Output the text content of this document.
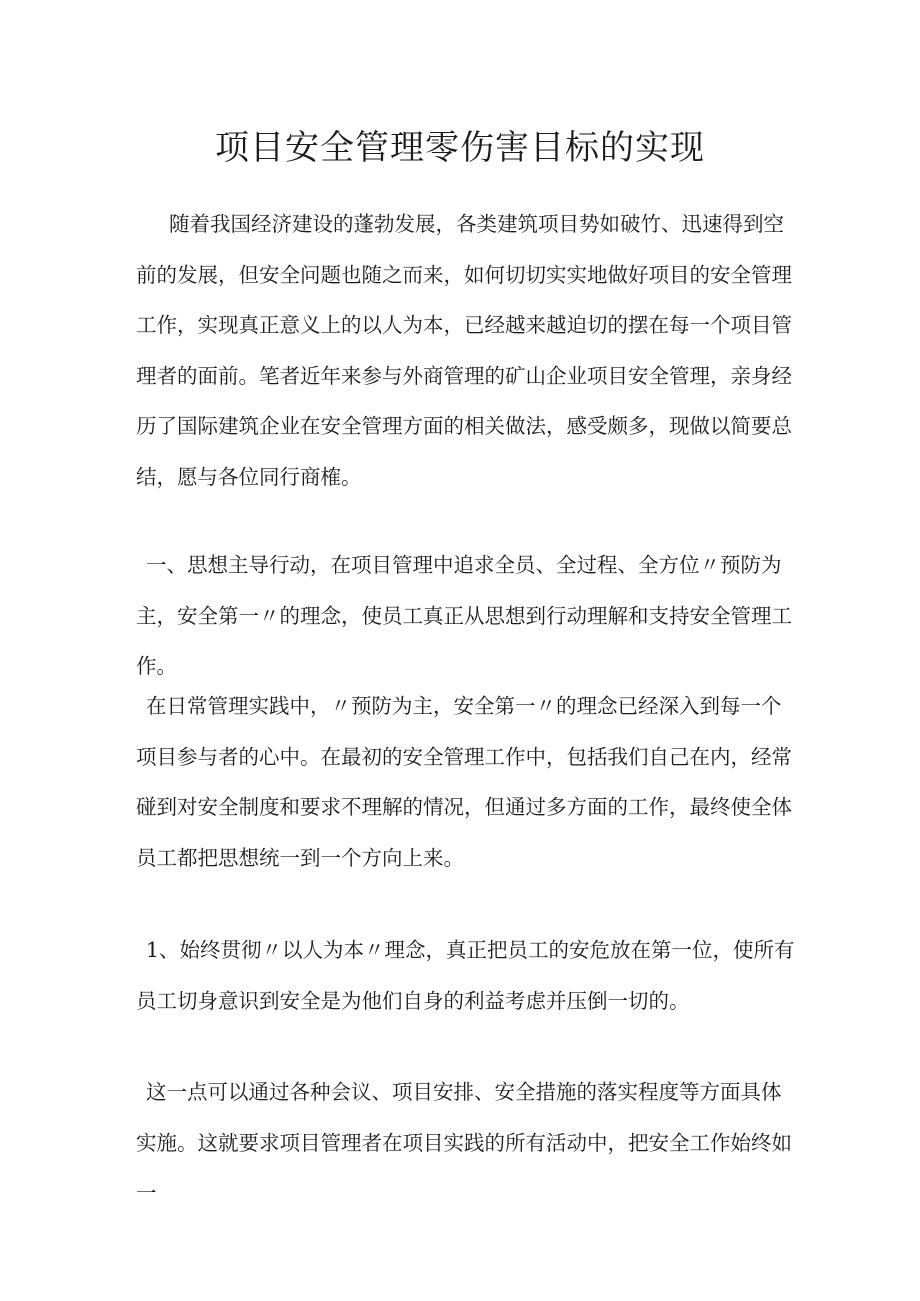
项目安全管理零伤害目标的实现

随着我国经济建设的蓬勃发展，各类建筑项目势如破竹、迅速得到空前的发展，但安全问题也随之而来，如何切切实实地做好项目的安全管理工作，实现真正意义上的以人为本，已经越来越迫切的摆在每一个项目管理者的面前。笔者近年来参与外商管理的矿山企业项目安全管理，亲身经历了国际建筑企业在安全管理方面的相关做法，感受颇多，现做以简要总结，愿与各位同行商榷。

一、思想主导行动，在项目管理中追求全员、全过程、全方位〃预防为主，安全第一〃的理念，使员工真正从思想到行动理解和支持安全管理工作。

在日常管理实践中，〃预防为主，安全第一〃的理念已经深入到每一个项目参与者的心中。在最初的安全管理工作中，包括我们自己在内，经常碰到对安全制度和要求不理解的情况，但通过多方面的工作，最终使全体员工都把思想统一到一个方向上来。

1、始终贯彻〃以人为本〃理念，真正把员工的安危放在第一位，使所有员工切身意识到安全是为他们自身的利益考虑并压倒一切的。

这一点可以通过各种会议、项目安排、安全措施的落实程度等方面具体实施。这就要求项目管理者在项目实践的所有活动中，把安全工作始终如一
